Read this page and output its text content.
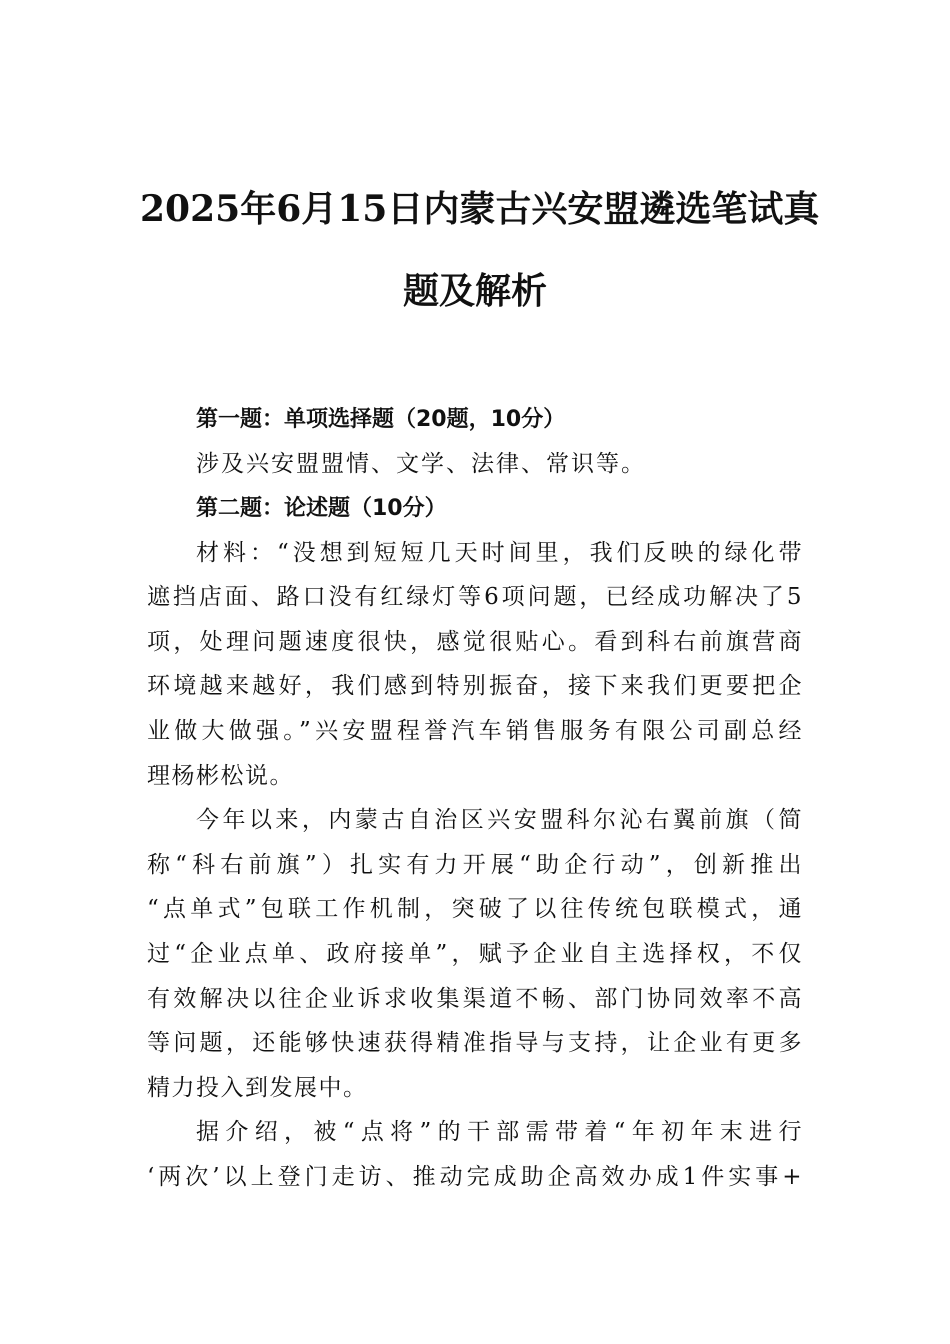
2025年6月15日内蒙古兴安盟遴选笔试真
题及解析

第一题：单项选择题（20题，10分）

涉及兴安盟盟情、文学、法律、常识等。

第二题：论述题（10分）

材料：“没想到短短几天时间里，我们反映的绿化带
遮挡店面、路口没有红绿灯等6项问题，已经成功解决了5
项，处理问题速度很快，感觉很贴心。看到科右前旗营商
环境越来越好，我们感到特别振奋，接下来我们更要把企
业做大做强。”兴安盟程誉汽车销售服务有限公司副总经
理杨彬松说。
今年以来，内蒙古自治区兴安盟科尔沁右翼前旗（简
称“科右前旗”）扎实有力开展“助企行动”，创新推出
“点单式”包联工作机制，突破了以往传统包联模式，通
过“企业点单、政府接单”，赋予企业自主选择权，不仅
有效解决以往企业诉求收集渠道不畅、部门协同效率不高
等问题，还能够快速获得精准指导与支持，让企业有更多
精力投入到发展中。
据介绍，被“点将”的干部需带着“年初年末进行
‘两次’以上登门走访、推动完成助企高效办成1件实事+
